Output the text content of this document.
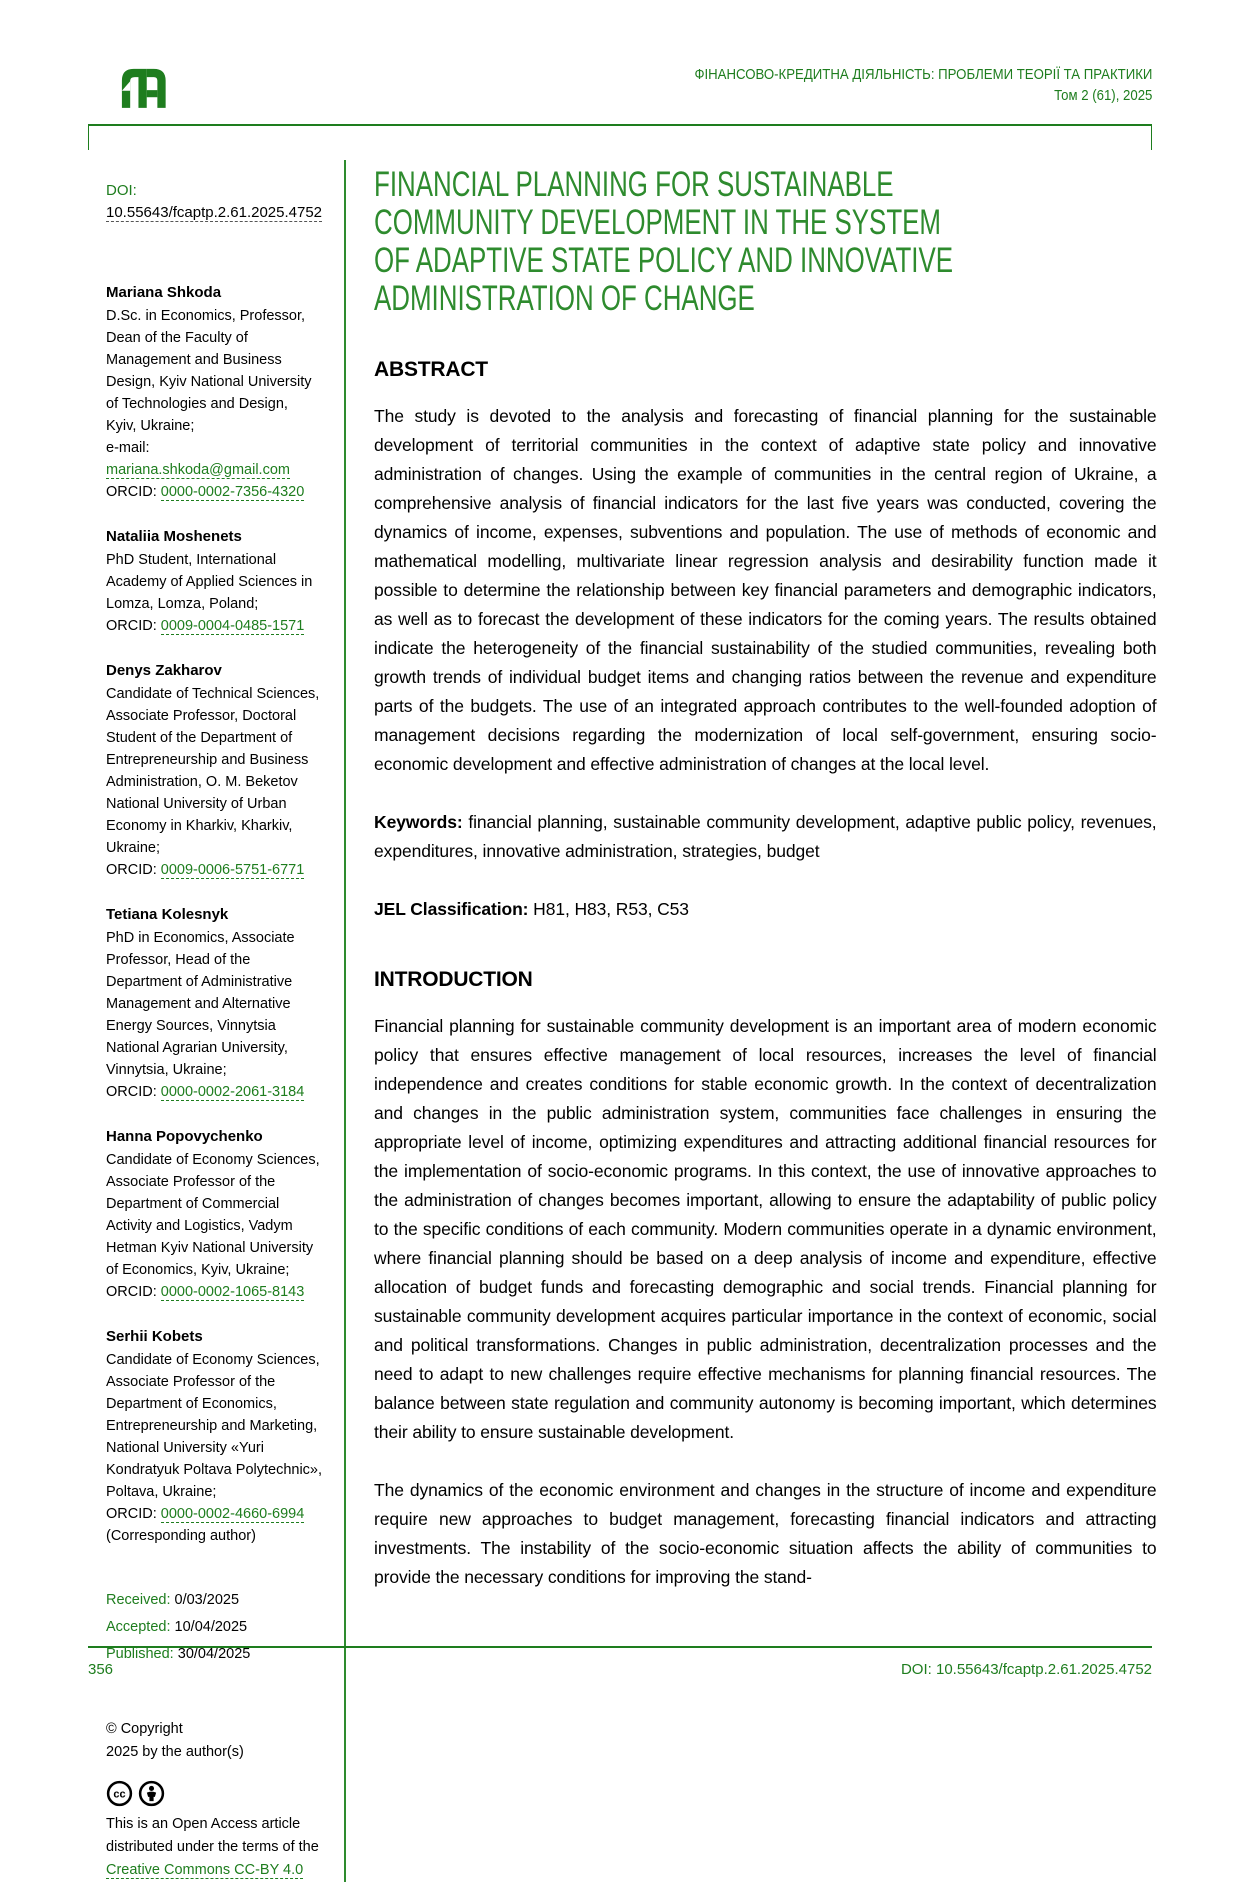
ФІНАНСОВО-КРЕДИТНА ДІЯЛЬНІСТЬ: ПРОБЛЕМИ ТЕОРІЇ ТА ПРАКТИКИ
Том 2 (61), 2025
DOI: 10.55643/fcaptp.2.61.2025.4752
Mariana Shkoda
D.Sc. in Economics, Professor, Dean of the Faculty of Management and Business Design, Kyiv National University of Technologies and Design, Kyiv, Ukraine;
e-mail: mariana.shkoda@gmail.com
ORCID: 0000-0002-7356-4320
Nataliia Moshenets
PhD Student, International Academy of Applied Sciences in Lomza, Lomza, Poland;
ORCID: 0009-0004-0485-1571
Denys Zakharov
Candidate of Technical Sciences, Associate Professor, Doctoral Student of the Department of Entrepreneurship and Business Administration, O. M. Beketov National University of Urban Economy in Kharkiv, Kharkiv, Ukraine;
ORCID: 0009-0006-5751-6771
Tetiana Kolesnyk
PhD in Economics, Associate Professor, Head of the Department of Administrative Management and Alternative Energy Sources, Vinnytsia National Agrarian University, Vinnytsia, Ukraine;
ORCID: 0000-0002-2061-3184
Hanna Popovychenko
Candidate of Economy Sciences, Associate Professor of the Department of Commercial Activity and Logistics, Vadym Hetman Kyiv National University of Economics, Kyiv, Ukraine;
ORCID: 0000-0002-1065-8143
Serhii Kobets
Candidate of Economy Sciences, Associate Professor of the Department of Economics, Entrepreneurship and Marketing, National University «Yuri Kondratyuk Poltava Polytechnic», Poltava, Ukraine;
ORCID: 0000-0002-4660-6994
(Corresponding author)
Received: 0/03/2025
Accepted: 10/04/2025
Published: 30/04/2025
© Copyright
2025 by the author(s)
cc
This is an Open Access article distributed under the terms of the Creative Commons CC-BY 4.0
FINANCIAL PLANNING FOR SUSTAINABLE
COMMUNITY DEVELOPMENT IN THE SYSTEM
OF ADAPTIVE STATE POLICY AND INNOVATIVE
ADMINISTRATION OF CHANGE
ABSTRACT

The study is devoted to the analysis and forecasting of financial planning for the sustainable development of territorial communities in the context of adaptive state policy and innovative administration of changes. Using the example of communities in the central region of Ukraine, a comprehensive analysis of financial indicators for the last five years was conducted, covering the dynamics of income, expenses, subventions and population. The use of methods of economic and mathematical modelling, multivariate linear regression analysis and desirability function made it possible to determine the relationship between key financial parameters and demographic indicators, as well as to forecast the development of these indicators for the coming years. The results obtained indicate the heterogeneity of the financial sustainability of the studied communities, revealing both growth trends of individual budget items and changing ratios between the revenue and expenditure parts of the budgets. The use of an integrated approach contributes to the well-founded adoption of management decisions regarding the modernization of local self-government, ensuring socio-economic development and effective administration of changes at the local level.

Keywords: financial planning, sustainable community development, adaptive public policy, revenues, expenditures, innovative administration, strategies, budget

JEL Classification: H81, H83, R53, C53

INTRODUCTION

Financial planning for sustainable community development is an important area of modern economic policy that ensures effective management of local resources, increases the level of financial independence and creates conditions for stable economic growth. In the context of decentralization and changes in the public administration system, communities face challenges in ensuring the appropriate level of income, optimizing expenditures and attracting additional financial resources for the implementation of socio-economic programs. In this context, the use of innovative approaches to the administration of changes becomes important, allowing to ensure the adaptability of public policy to the specific conditions of each community. Modern communities operate in a dynamic environment, where financial planning should be based on a deep analysis of income and expenditure, effective allocation of budget funds and forecasting demographic and social trends. Financial planning for sustainable community development acquires particular importance in the context of economic, social and political transformations. Changes in public administration, decentralization processes and the need to adapt to new challenges require effective mechanisms for planning financial resources. The balance between state regulation and community autonomy is becoming important, which determines their ability to ensure sustainable development.

The dynamics of the economic environment and changes in the structure of income and expenditure require new approaches to budget management, forecasting financial indicators and attracting investments. The instability of the socio-economic situation affects the ability of communities to provide the necessary conditions for improving the stand-

356	DOI: 10.55643/fcaptp.2.61.2025.4752
